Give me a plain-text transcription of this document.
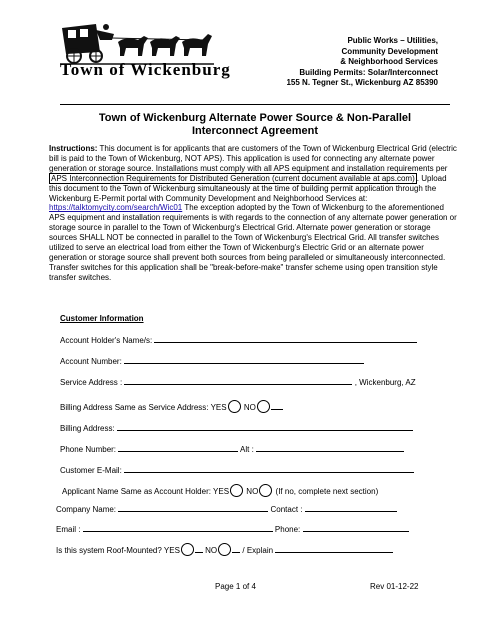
Town of Wickenburg
Public Works – Utilities,
Community Development
& Neighborhood Services
Building Permits: Solar/Interconnect
155 N. Tegner St., Wickenburg AZ 85390
Town of Wickenburg Alternate Power Source & Non-Parallel
Interconnect Agreement
Instructions: This document is for applicants that are customers of the Town of Wickenburg Electrical Grid (electric bill is paid to the Town of Wickenburg, NOT APS). This application is used for connecting any alternate power generation or storage source. Installations must comply with all APS equipment and installation requirements per APS Interconnection Requirements for Distributed Generation (current document available at aps.com) . Upload this document to the Town of Wickenburg simultaneously at the time of building permit application through the Wickenburg E-Permit portal with Community Development and Neighborhood Services at: https://talktomycity.com/search/Wic01 The exception adopted by the Town of Wickenburg to the aforementioned APS equipment and installation requirements is with regards to the connection of any alternate power generation or storage source in parallel to the Town of Wickenburg's Electrical Grid. Alternate power generation or storage sources SHALL NOT be connected in parallel to the Town of Wickenburg's Electrical Grid. All transfer switches utilized to serve an electrical load from either the Town of Wickenburg's Electric Grid or an alternate power generation or storage source shall prevent both sources from being paralleled or simultaneously interconnected. Transfer switches for this application shall be "break-before-make" transfer scheme using open transition style transfer switches.
Customer Information
Account Holder's Name/s:
Account Number:
Service Address :	, Wickenburg, AZ
Billing Address Same as Service Address: YES NO
Billing Address:
Phone Number:	Alt :
Customer E-Mail:
Applicant Name Same as Account Holder: YES NO (If no, complete next section)
Company Name:	Contact :
Email :	Phone:
Is this system Roof-Mounted? YES	NO	/ Explain
Page 1 of 4	Rev 01-12-22
